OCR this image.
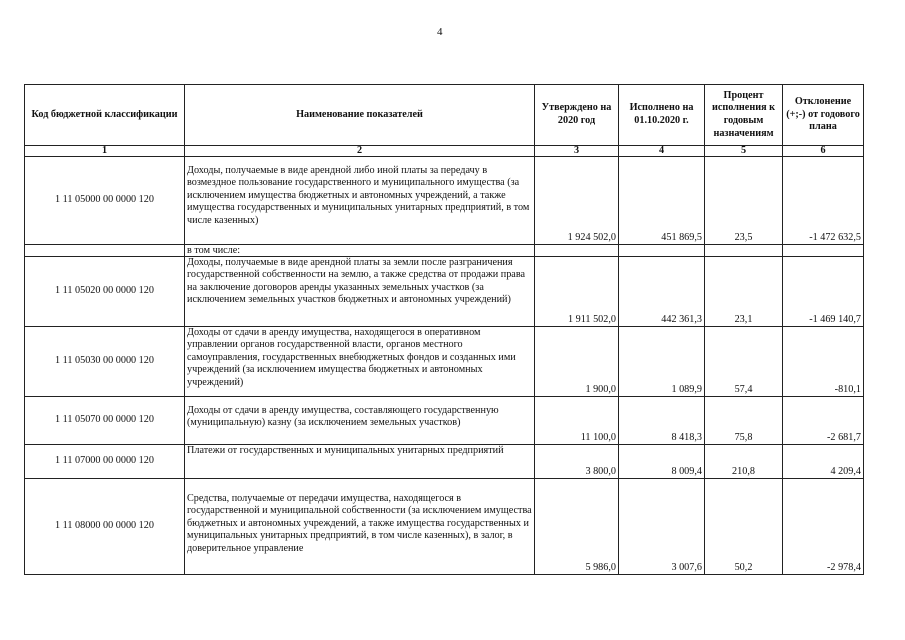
4
Код бюджетной классификации	Наименование показателей	Утверждено на 2020 год	Исполнено на 01.10.2020 г.	Процент исполнения к годовым назначениям	Отклонение (+;-) от годового плана
1	2	3	4	5	6
1 11 05000 00 0000 120	Доходы, получаемые в виде арендной либо иной платы за передачу в возмездное пользование государственного и муниципального имущества (за исключением имущества бюджетных и автономных учреждений, а также имущества государственных и муниципальных унитарных предприятий, в том числе казенных)	1 924 502,0	451 869,5	23,5	-1 472 632,5
	в том числе:				
1 11 05020 00 0000 120	Доходы, получаемые в виде арендной платы за земли после разграничения государственной собственности на землю, а также средства от продажи права на заключение договоров аренды указанных земельных участков (за исключением земельных участков бюджетных и автономных учреждений)	1 911 502,0	442 361,3	23,1	-1 469 140,7
1 11 05030 00 0000 120	Доходы от сдачи в аренду имущества, находящегося в оперативном управлении органов государственной власти, органов местного самоуправления, государственных внебюджетных фондов и созданных ими учреждений (за исключением имущества бюджетных и автономных учреждений)	1 900,0	1 089,9	57,4	-810,1
1 11 05070 00 0000 120	Доходы от сдачи в аренду имущества, составляющего государственную (муниципальную) казну (за исключением земельных участков)	11 100,0	8 418,3	75,8	-2 681,7
1 11 07000 00 0000 120	Платежи от государственных и муниципальных унитарных предприятий	3 800,0	8 009,4	210,8	4 209,4
1 11 08000 00 0000 120	Средства, получаемые от передачи имущества, находящегося в государственной и муниципальной собственности (за исключением имущества бюджетных и автономных учреждений, а также имущества государственных и муниципальных унитарных предприятий, в том числе казенных), в залог, в доверительное управление	5 986,0	3 007,6	50,2	-2 978,4
